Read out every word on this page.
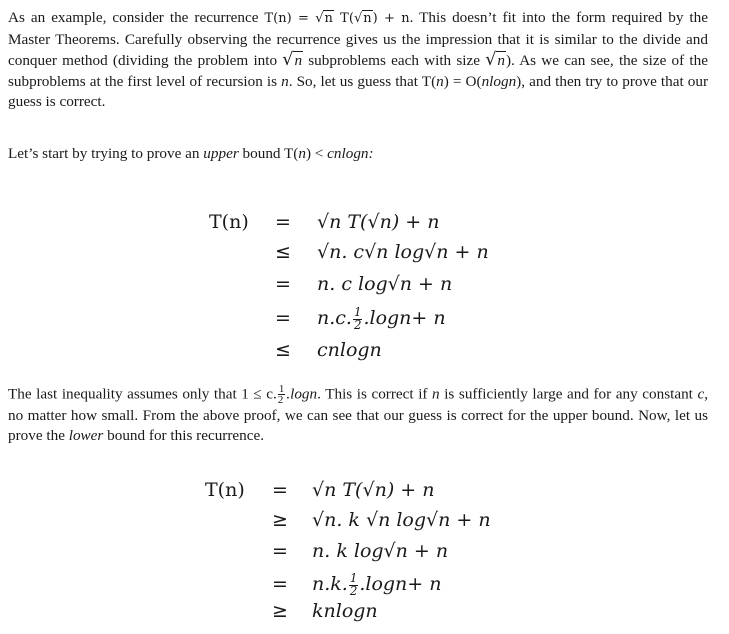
As an example, consider the recurrence T(n) = √n T(√n) + n. This doesn’t fit into the form required by the Master Theorems. Carefully observing the recurrence gives us the impression that it is similar to the divide and conquer method (dividing the problem into √n subproblems each with size √n). As we can see, the size of the subproblems at the first level of recursion is n. So, let us guess that T(n) = O(nlogn), and then try to prove that our guess is correct.
Let’s start by trying to prove an upper bound T(n) < cnlogn:
T(n)	= √n T(√n) + n
≤ √n. c√n log√n + n
= n. c log√n + n
= n.c. $\frac{1}{2} .\log n+ n$
≤ cnlogn
The last inequality assumes only that 1 ≤ c. $\frac{1}{2} .\log n$. This is correct if n is sufficiently large and for any constant c, no matter how small. From the above proof, we can see that our guess is correct for the upper bound. Now, let us prove the lower bound for this recurrence.
T(n)	= √n T(√n) + n
≥ √n. k √n log√n + n
= n. k log√n + n
= n.k. $\frac{1}{2} .\log n+ n$
≥ knlogn
